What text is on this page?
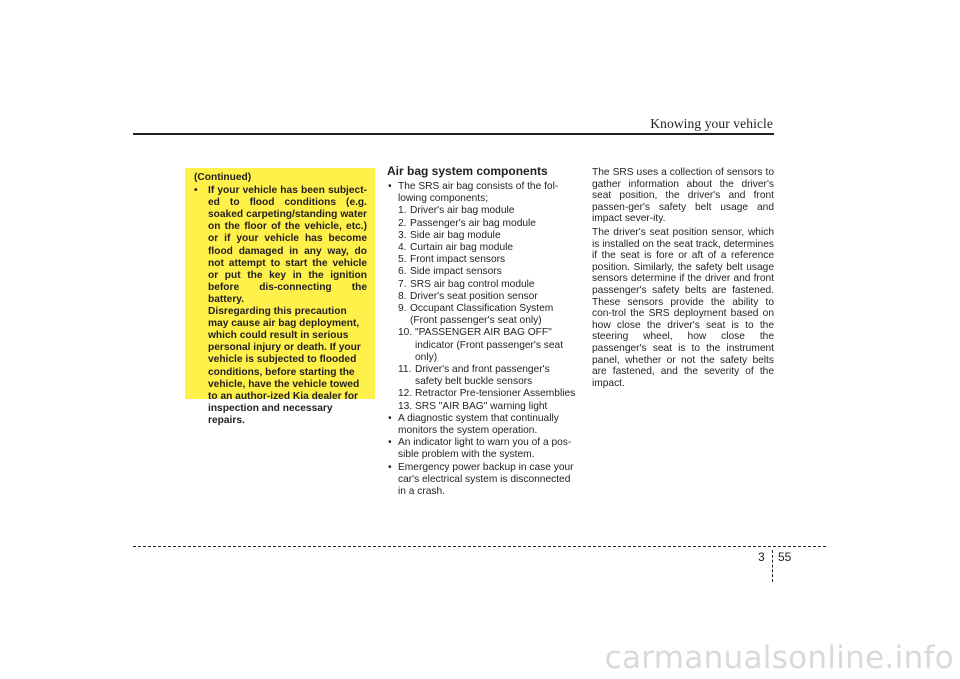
Knowing your vehicle
(Continued)
• If your vehicle has been subject-ed to flood conditions (e.g. soaked carpeting/standing water on the floor of the vehicle, etc.) or if your vehicle has become flood damaged in any way, do not attempt to start the vehicle or put the key in the ignition before dis-connecting the battery.
Disregarding this precaution may cause air bag deployment, which could result in serious personal injury or death. If your vehicle is subjected to flooded conditions, before starting the vehicle, have the vehicle towed to an author-ized Kia dealer for inspection and necessary repairs.
Air bag system components
• The SRS air bag consists of the fol-lowing components;
1. Driver's air bag module
2. Passenger's air bag module
3. Side air bag module
4. Curtain air bag module
5. Front impact sensors
6. Side impact sensors
7. SRS air bag control module
8. Driver's seat position sensor
9. Occupant Classification System (Front passenger's seat only)
10. "PASSENGER AIR BAG OFF" indicator (Front passenger's seat only)
11. Driver's and front passenger's safety belt buckle sensors
12. Retractor Pre-tensioner Assemblies
13. SRS "AIR BAG" warning light
• A diagnostic system that continually monitors the system operation.
• An indicator light to warn you of a pos-sible problem with the system.
• Emergency power backup in case your car's electrical system is disconnected in a crash.

The SRS uses a collection of sensors to gather information about the driver's seat position, the driver's and front passen-ger's safety belt usage and impact sever-ity.

The driver's seat position sensor, which is installed on the seat track, determines if the seat is fore or aft of a reference position. Similarly, the safety belt usage sensors determine if the driver and front passenger's safety belts are fastened. These sensors provide the ability to con-trol the SRS deployment based on how close the driver's seat is to the steering wheel, how close the passenger's seat is to the instrument panel, whether or not the safety belts are fastened, and the severity of the impact.

3 55
carmanualsonline.info
